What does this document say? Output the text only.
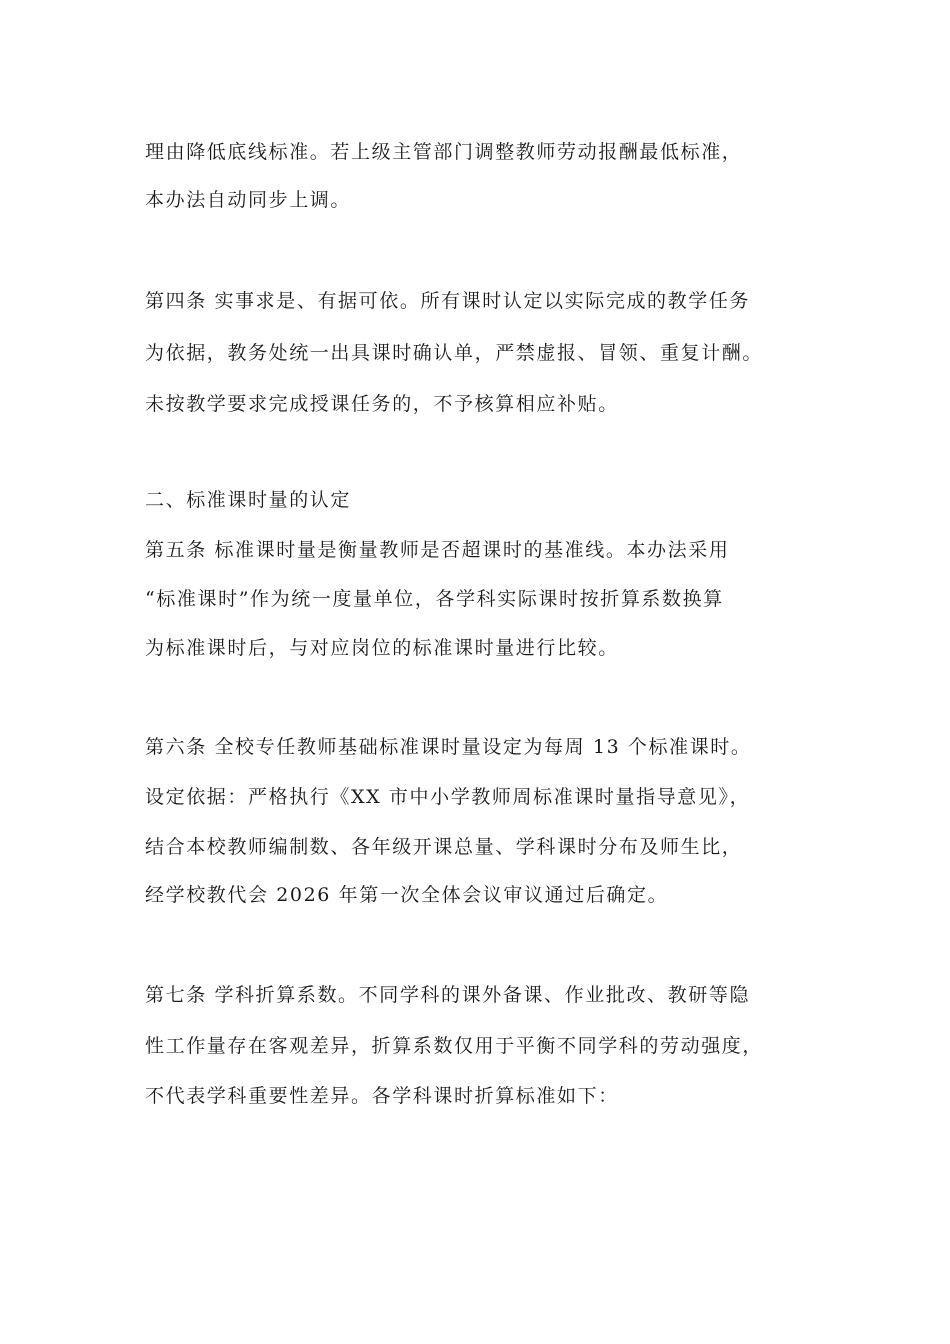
理由降低底线标准。若上级主管部门调整教师劳动报酬最低标准，
本办法自动同步上调。
第四条 实事求是、有据可依。所有课时认定以实际完成的教学任务
为依据，教务处统一出具课时确认单，严禁虚报、冒领、重复计酬。
未按教学要求完成授课任务的，不予核算相应补贴。
二、标准课时量的认定
第五条 标准课时量是衡量教师是否超课时的基准线。本办法采用
“标准课时”作为统一度量单位，各学科实际课时按折算系数换算
为标准课时后，与对应岗位的标准课时量进行比较。
第六条 全校专任教师基础标准课时量设定为每周 13 个标准课时。
设定依据：严格执行《XX 市中小学教师周标准课时量指导意见》，
结合本校教师编制数、各年级开课总量、学科课时分布及师生比，
经学校教代会 2026 年第一次全体会议审议通过后确定。
第七条 学科折算系数。不同学科的课外备课、作业批改、教研等隐
性工作量存在客观差异，折算系数仅用于平衡不同学科的劳动强度，
不代表学科重要性差异。各学科课时折算标准如下：
